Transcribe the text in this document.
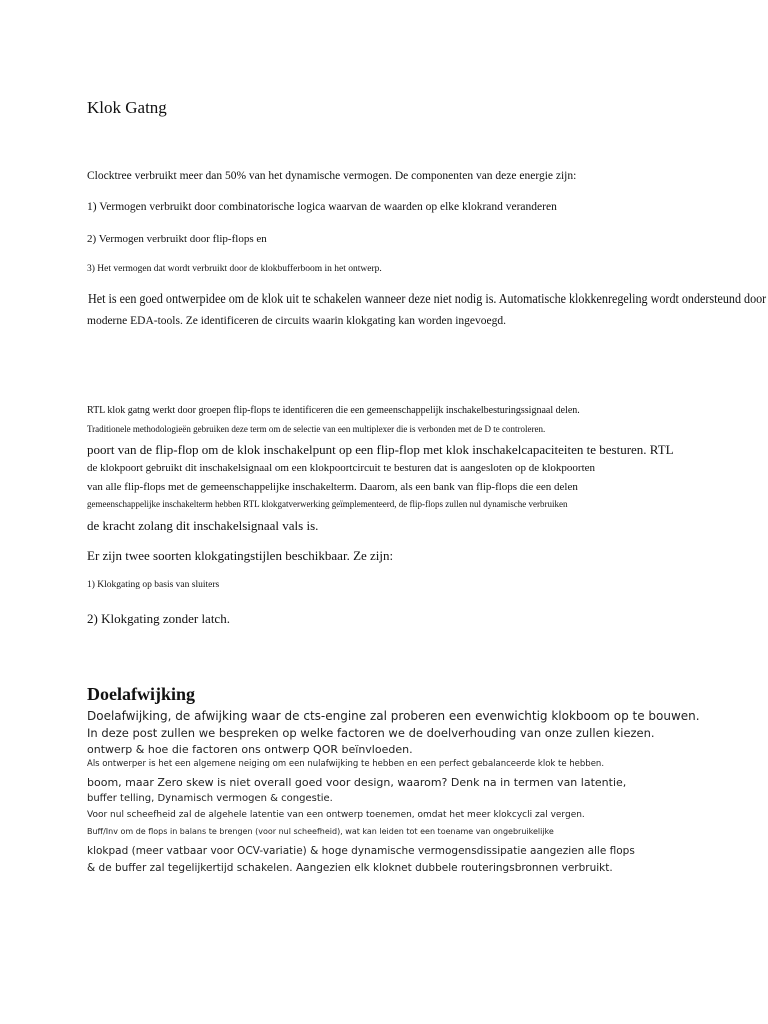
Klok Gatng
Clocktree verbruikt meer dan 50% van het dynamische vermogen. De componenten van deze energie zijn:
1) Vermogen verbruikt door combinatorische logica waarvan de waarden op elke klokrand veranderen
2) Vermogen verbruikt door flip-flops en
3) Het vermogen dat wordt verbruikt door de klokbufferboom in het ontwerp.
Het is een goed ontwerpidee om de klok uit te schakelen wanneer deze niet nodig is. Automatische klokkenregeling wordt ondersteund door
moderne EDA-tools. Ze identificeren de circuits waarin klokgating kan worden ingevoegd.
RTL klok gatng werkt door groepen flip-flops te identificeren die een gemeenschappelijk inschakelbesturingssignaal delen.
Traditionele methodologieën gebruiken deze term om de selectie van een multiplexer die is verbonden met de D te controleren.
poort van de flip-flop om de klok inschakelpunt op een flip-flop met klok inschakelcapaciteiten te besturen. RTL
de klokpoort gebruikt dit inschakelsignaal om een klokpoortcircuit te besturen dat is aangesloten op de klokpoorten
van alle flip-flops met de gemeenschappelijke inschakelterm. Daarom, als een bank van flip-flops die een delen
gemeenschappelijke inschakelterm hebben RTL klokgatverwerking geïmplementeerd, de flip-flops zullen nul dynamische verbruiken
de kracht zolang dit inschakelsignaal vals is.
Er zijn twee soorten klokgatingstijlen beschikbaar. Ze zijn:
1) Klokgating op basis van sluiters
2) Klokgating zonder latch.
Doelafwijking
Doelafwijking, de afwijking waar de cts-engine zal proberen een evenwichtig klokboom op te bouwen.
In deze post zullen we bespreken op welke factoren we de doelverhouding van onze zullen kiezen.
ontwerp & hoe die factoren ons ontwerp QOR beïnvloeden.
Als ontwerper is het een algemene neiging om een nulafwijking te hebben en een perfect gebalanceerde klok te hebben.
boom, maar Zero skew is niet overall goed voor design, waarom? Denk na in termen van latentie,
buffer telling, Dynamisch vermogen & congestie.
Voor nul scheefheid zal de algehele latentie van een ontwerp toenemen, omdat het meer klokcycli zal vergen.
Buff/Inv om de flops in balans te brengen (voor nul scheefheid), wat kan leiden tot een toename van ongebruikelijke
klokpad (meer vatbaar voor OCV-variatie) & hoge dynamische vermogensdissipatie aangezien alle flops
& de buffer zal tegelijkertijd schakelen. Aangezien elk kloknet dubbele routeringsbronnen verbruikt.
